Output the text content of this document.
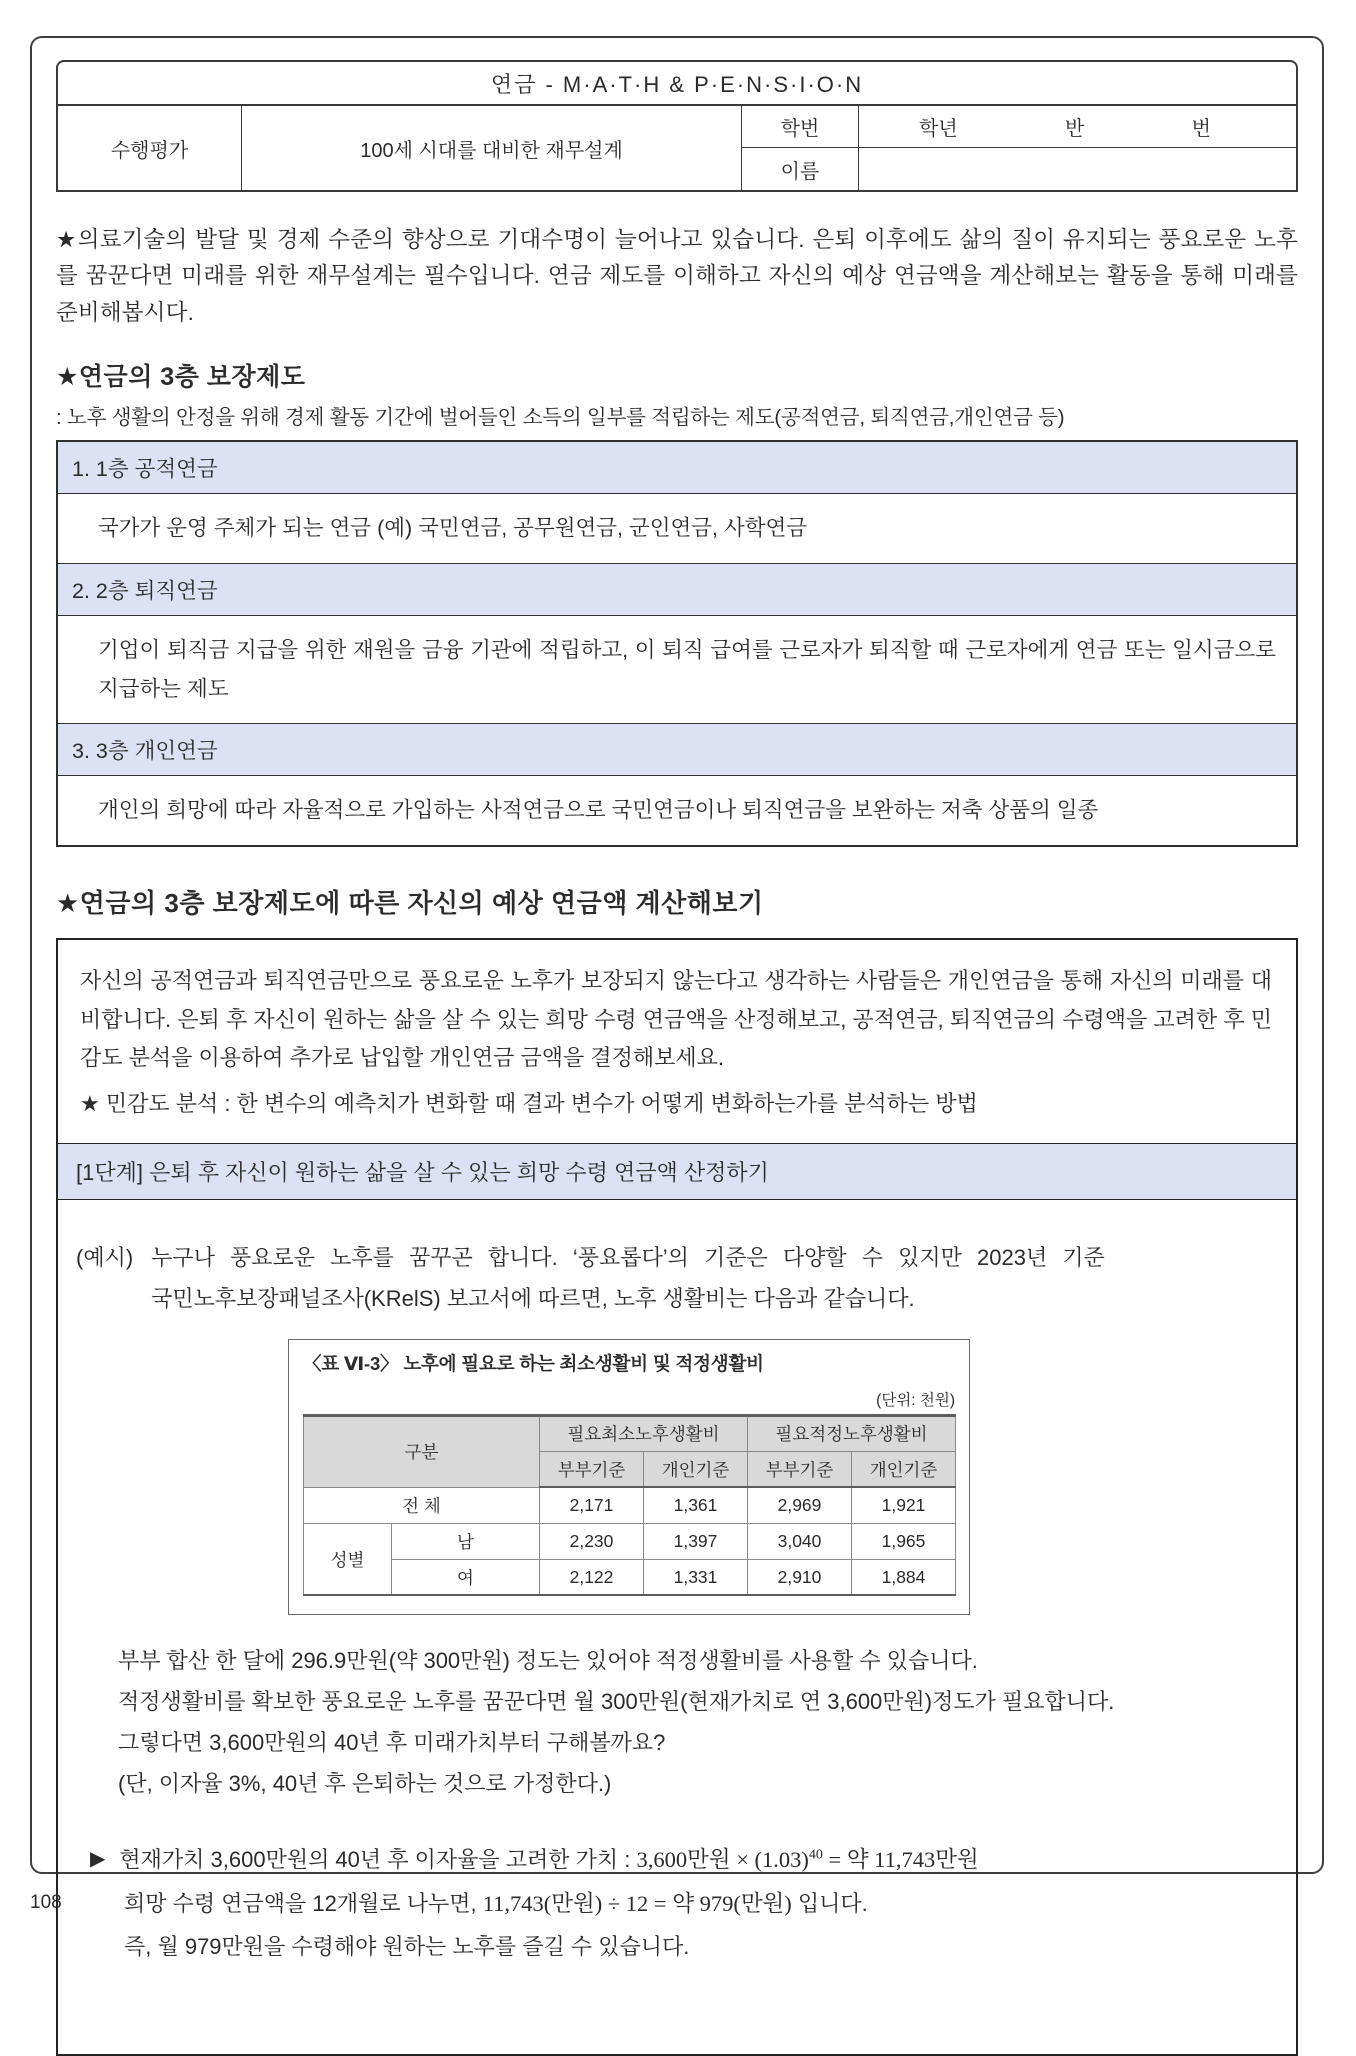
연금 - M·A·T·H & P·E·N·S·I·O·N
수행평가	100세 시대를 대비한 재무설계
학번	학년	반	번
이름
★의료기술의 발달 및 경제 수준의 향상으로 기대수명이 늘어나고 있습니다. 은퇴 이후에도 삶의 질이 유지되는 풍요로운 노후를 꿈꾼다면 미래를 위한 재무설계는 필수입니다. 연금 제도를 이해하고 자신의 예상 연금액을 계산해보는 활동을 통해 미래를 준비해봅시다.
★연금의 3층 보장제도
: 노후 생활의 안정을 위해 경제 활동 기간에 벌어들인 소득의 일부를 적립하는 제도(공적연금, 퇴직연금,개인연금 등)
1. 1층 공적연금
국가가 운영 주체가 되는 연금 (예) 국민연금, 공무원연금, 군인연금, 사학연금
2. 2층 퇴직연금
기업이 퇴직금 지급을 위한 재원을 금융 기관에 적립하고, 이 퇴직 급여를 근로자가 퇴직할 때 근로자에게 연금 또는 일시금으로 지급하는 제도
3. 3층 개인연금
개인의 희망에 따라 자율적으로 가입하는 사적연금으로 국민연금이나 퇴직연금을 보완하는 저축 상품의 일종
★연금의 3층 보장제도에 따른 자신의 예상 연금액 계산해보기
자신의 공적연금과 퇴직연금만으로 풍요로운 노후가 보장되지 않는다고 생각하는 사람들은 개인연금을 통해 자신의 미래를 대비합니다. 은퇴 후 자신이 원하는 삶을 살 수 있는 희망 수령 연금액을 산정해보고, 공적연금, 퇴직연금의 수령액을 고려한 후 민감도 분석을 이용하여 추가로 납입할 개인연금 금액을 결정해보세요.
★ 민감도 분석 : 한 변수의 예측치가 변화할 때 결과 변수가 어떻게 변화하는가를 분석하는 방법
[1단계] 은퇴 후 자신이 원하는 삶을 살 수 있는 희망 수령 연금액 산정하기
(예시) 누구나 풍요로운 노후를 꿈꾸곤 합니다. ‘풍요롭다’의 기준은 다양할 수 있지만 2023년 기준
국민노후보장패널조사(KRelS) 보고서에 따르면, 노후 생활비는 다음과 같습니다.
〈표 Ⅵ-3〉 노후에 필요로 하는 최소생활비 및 적정생활비
(단위: 천원)
구분		필요최소노후생활비		필요적정노후생활비	
		부부기준	개인기준	부부기준	개인기준
전 체		2,171	1,361	2,969	1,921
성별	남	2,230	1,397	3,040	1,965
	여	2,122	1,331	2,910	1,884
부부 합산 한 달에 296.9만원(약 300만원) 정도는 있어야 적정생활비를 사용할 수 있습니다.
적정생활비를 확보한 풍요로운 노후를 꿈꾼다면 월 300만원(현재가치로 연 3,600만원)정도가 필요합니다.
그렇다면 3,600만원의 40년 후 미래가치부터 구해볼까요?
(단, 이자율 3%, 40년 후 은퇴하는 것으로 가정한다.)
▶ 현재가치 3,600만원의 40년 후 이자율을 고려한 가치 : 3,600만원 × $(1.03)^{40}$ = 약 11,743만원
희망 수령 연금액을 12개월로 나누면, 11,743(만원) ÷ 12 = 약 979(만원) 입니다.
즉, 월 979만원을 수령해야 원하는 노후를 즐길 수 있습니다.
108
